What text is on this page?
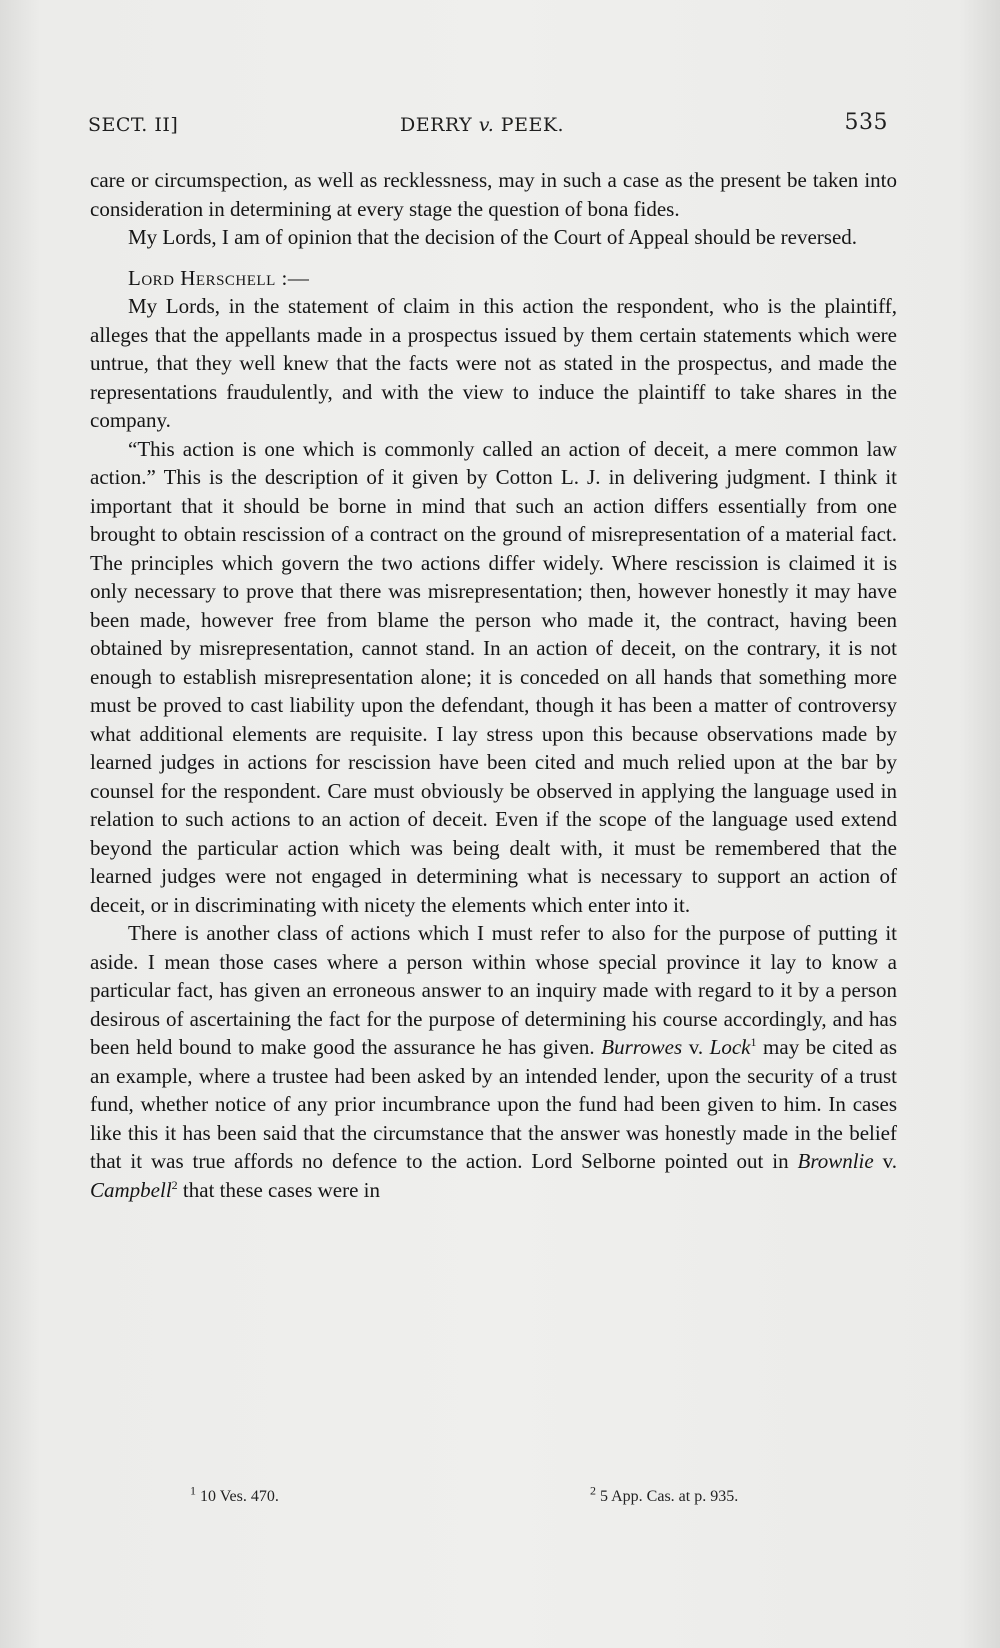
SECT. II]	DERRY v. PEEK.	535

care or circumspection, as well as recklessness, may in such a case as the present be taken into consideration in determining at every stage the question of bona fides.

My Lords, I am of opinion that the decision of the Court of Appeal should be reversed.

Lord Herschell :—

My Lords, in the statement of claim in this action the respondent, who is the plaintiff, alleges that the appellants made in a prospectus issued by them certain statements which were untrue, that they well knew that the facts were not as stated in the prospectus, and made the representations fraudulently, and with the view to induce the plaintiff to take shares in the company.

“This action is one which is commonly called an action of deceit, a mere common law action.” This is the description of it given by Cotton L. J. in delivering judgment. I think it important that it should be borne in mind that such an action differs essentially from one brought to obtain rescission of a contract on the ground of misrepresentation of a material fact. The principles which govern the two actions differ widely. Where rescission is claimed it is only necessary to prove that there was misrepresentation; then, however honestly it may have been made, however free from blame the person who made it, the contract, having been obtained by misrepresentation, cannot stand. In an action of deceit, on the contrary, it is not enough to establish misrepresentation alone; it is conceded on all hands that something more must be proved to cast liability upon the defendant, though it has been a matter of controversy what additional elements are requisite. I lay stress upon this because observations made by learned judges in actions for rescission have been cited and much relied upon at the bar by counsel for the respondent. Care must obviously be observed in applying the language used in relation to such actions to an action of deceit. Even if the scope of the language used extend beyond the particular action which was being dealt with, it must be remembered that the learned judges were not engaged in determining what is necessary to support an action of deceit, or in discriminating with nicety the elements which enter into it.

There is another class of actions which I must refer to also for the purpose of putting it aside. I mean those cases where a person within whose special province it lay to know a particular fact, has given an erroneous answer to an inquiry made with regard to it by a person desirous of ascertaining the fact for the purpose of determining his course accordingly, and has been held bound to make good the assurance he has given. Burrowes v. Lock$^1$ may be cited as an example, where a trustee had been asked by an intended lender, upon the security of a trust fund, whether notice of any prior incumbrance upon the fund had been given to him. In cases like this it has been said that the circumstance that the answer was honestly made in the belief that it was true affords no defence to the action. Lord Selborne pointed out in Brownlie v. Campbell$^2$ that these cases were in

$^1$ 10 Ves. 470.	$^2$ 5 App. Cas. at p. 935.
